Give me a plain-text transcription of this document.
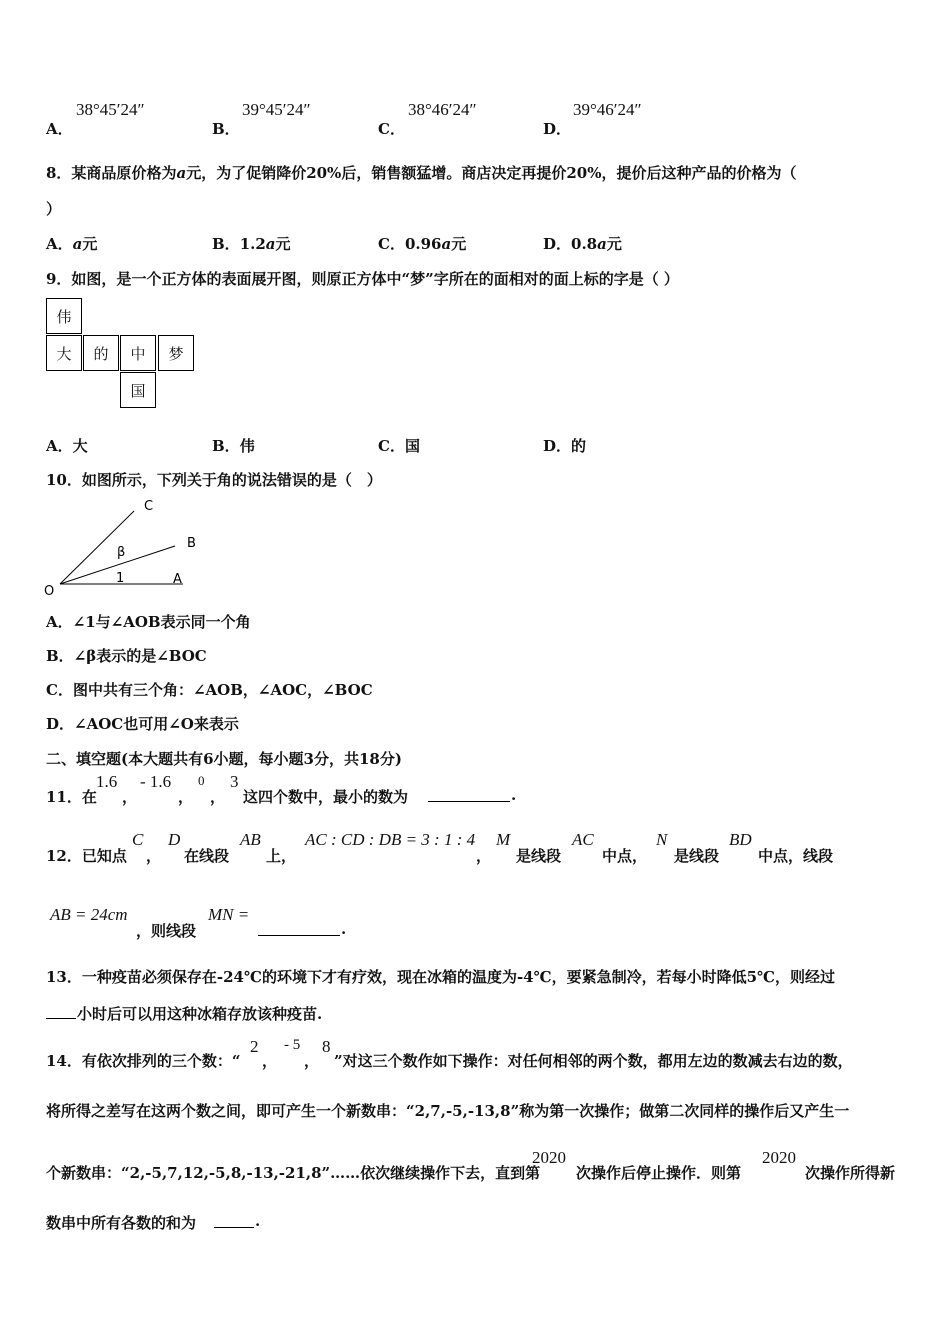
A．
38°45′24″
B．
39°45′24″
C．
38°46′24″
D．
39°46′24″
8．某商品原价格为a元，为了促销降价20%后，销售额猛增。商店决定再提价20%，提价后这种产品的价格为（
）
A．a元	B．1.2a元	C．0.96a元	D．0.8a元
9．如图，是一个正方体的表面展开图，则原正方体中“梦”字所在的面相对的面上标的字是（ ）
伟
大	的	中	梦
国
A．大	B．伟	C．国	D．的
10．如图所示，下列关于角的说法错误的是（　）
O
A
B
C
β
1
A．∠1与∠AOB表示同一个角
B．∠β表示的是∠BOC
C．图中共有三个角：∠AOB，∠AOC，∠BOC
D．∠AOC也可用∠O来表示
二、填空题(本大题共有6小题，每小题3分，共18分)
11．在
1.6
，
- 1.6
，
0
，
3
这四个数中，最小的数为	.
12．已知点
C
，
D
在线段
AB
上，
AC : CD : DB = 3 : 1 : 4
，
M
是线段
AC
中点，
N
是线段
BD
中点，线段
AB = 24cm
，则线段
MN =
.
13．一种疫苗必须保存在-24℃的环境下才有疗效，现在冰箱的温度为-4℃，要紧急制冷，若每小时降低5℃，则经过
小时后可以用这种冰箱存放该种疫苗.
14．有依次排列的三个数：“
2
，
- 5
，
8
”对这三个数作如下操作：对任何相邻的两个数，都用左边的数减去右边的数，
将所得之差写在这两个数之间，即可产生一个新数串：“2,7,-5,-13,8”称为第一次操作；做第二次同样的操作后又产生一
个新数串：“2,-5,7,12,-5,8,-13,-21,8”……依次继续操作下去，直到第
2020
次操作后停止操作．则第
2020
次操作所得新
数串中所有各数的和为	.
